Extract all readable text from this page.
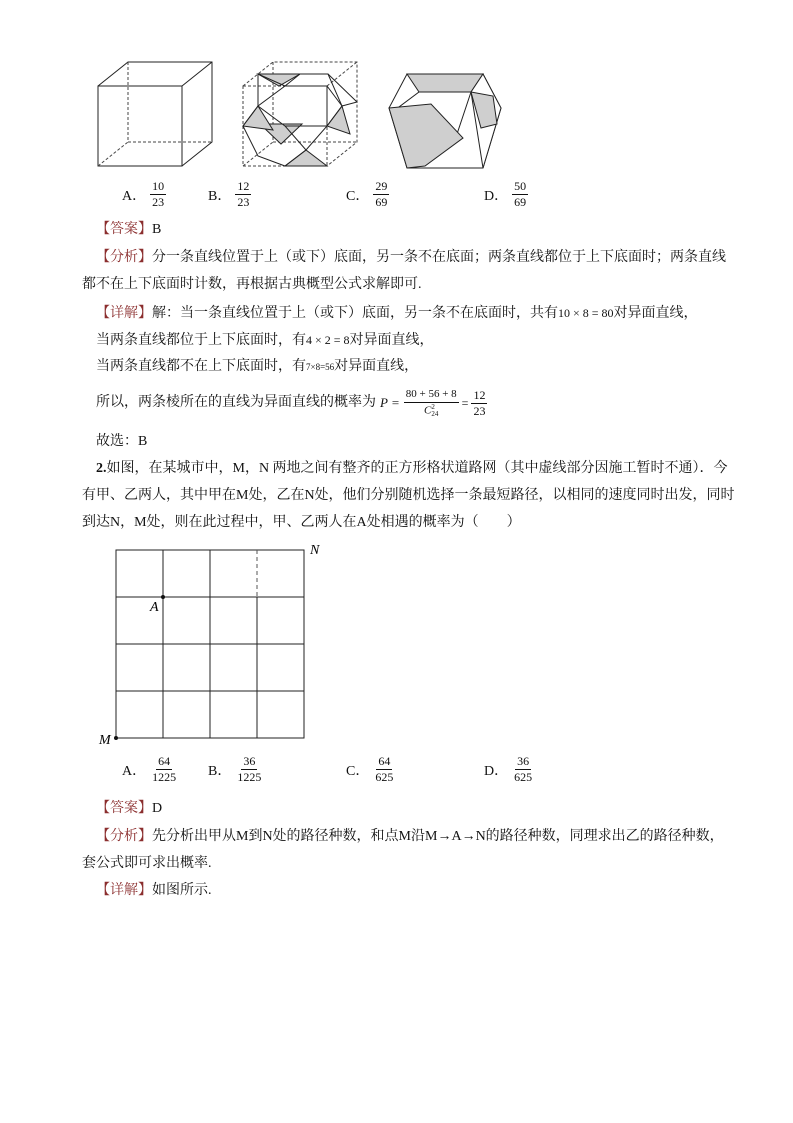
A． $\frac{10}{23}$	B． $\frac{12}{23}$	C． $\frac{29}{69}$	D． $\frac{50}{69}$
【答案】B
【分析】分一条直线位置于上（或下）底面，另一条不在底面；两条直线都位于上下底面时；两条直线
都不在上下底面时计数，再根据古典概型公式求解即可.
【详解】解：当一条直线位置于上（或下）底面，另一条不在底面时，共有10 × 8 = 80对异面直线，
当两条直线都位于上下底面时，有4 × 2 = 8对异面直线，
当两条直线都不在上下底面时，有7×8=56对异面直线，
所以，两条棱所在的直线为异面直线的概率为 P = 80 + 56 + 8
C 2
$24 = \frac{12}{23}$
故选：B
2.如图，在某城市中，M，N 两地之间有整齐的正方形格状道路网（其中虚线部分因施工暂时不通）．今
有甲、乙两人，其中甲在M处，乙在N处，他们分别随机选择一条最短路径，以相同的速度同时出发，同时
到达N，M处，则在此过程中，甲、乙两人在A处相遇的概率为（　　）
N
A
M
A． $\frac{64}{1225}$ B． $\frac{36}{1225}$	C． $\frac{64}{625}$	D． $\frac{36}{625}$
【答案】D
【分析】先分析出甲从M到N处的路径种数，和点M沿M→A→N的路径种数，同理求出乙的路径种数，
套公式即可求出概率.
【详解】如图所示.
